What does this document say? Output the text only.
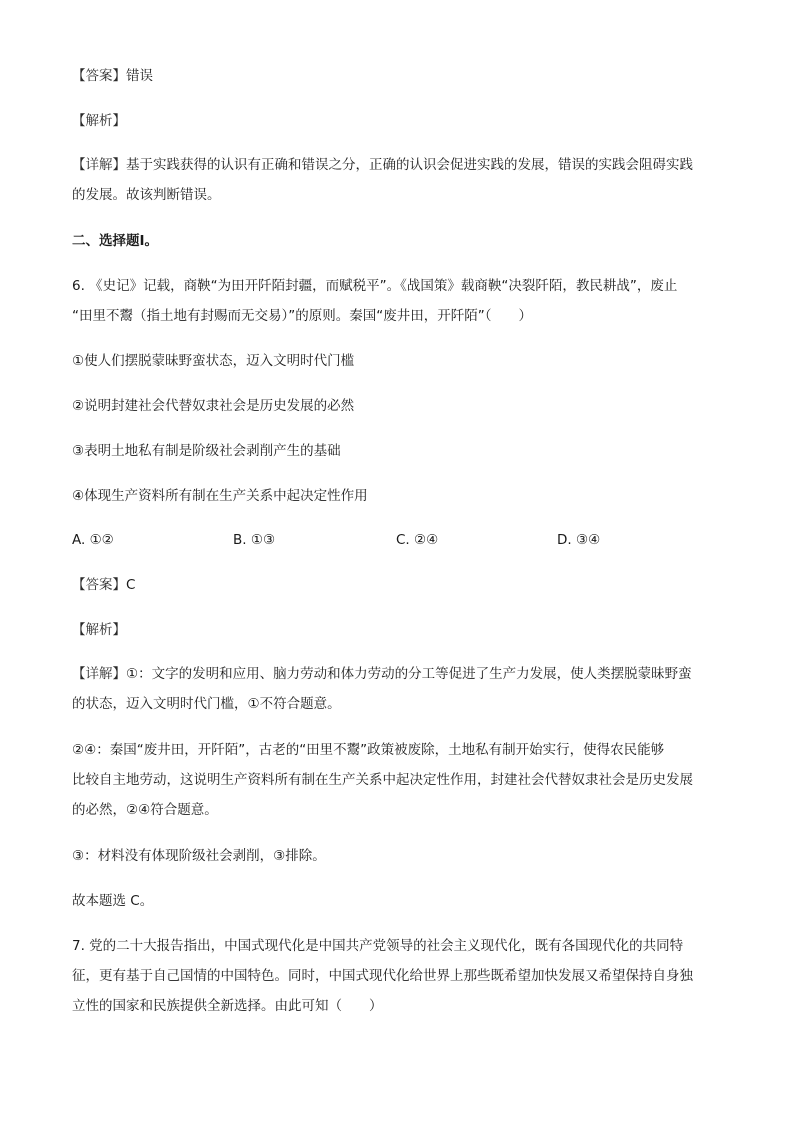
【答案】错误
【解析】
【详解】基于实践获得的认识有正确和错误之分，正确的认识会促进实践的发展，错误的实践会阻碍实践
的发展。故该判断错误。
二、选择题Ⅰ。
6. 《史记》记载，商鞅“为田开阡陌封疆，而赋税平”。《战国策》载商鞅“决裂阡陌，教民耕战”，废止
“田里不鬻（指土地有封赐而无交易）”的原则。秦国“废井田，开阡陌”（　　）
①使人们摆脱蒙昧野蛮状态，迈入文明时代门槛
②说明封建社会代替奴隶社会是历史发展的必然
③表明土地私有制是阶级社会剥削产生的基础
④体现生产资料所有制在生产关系中起决定性作用
A. ①②	B. ①③	C. ②④	D. ③④
【答案】C
【解析】
【详解】①：文字的发明和应用、脑力劳动和体力劳动的分工等促进了生产力发展，使人类摆脱蒙昧野蛮
的状态，迈入文明时代门槛，①不符合题意。
②④：秦国“废井田，开阡陌”，古老的“田里不鬻”政策被废除，土地私有制开始实行，使得农民能够
比较自主地劳动，这说明生产资料所有制在生产关系中起决定性作用，封建社会代替奴隶社会是历史发展
的必然，②④符合题意。
③：材料没有体现阶级社会剥削，③排除。
故本题选 C。
7. 党的二十大报告指出，中国式现代化是中国共产党领导的社会主义现代化，既有各国现代化的共同特
征，更有基于自己国情的中国特色。同时，中国式现代化给世界上那些既希望加快发展又希望保持自身独
立性的国家和民族提供全新选择。由此可知（　　）
